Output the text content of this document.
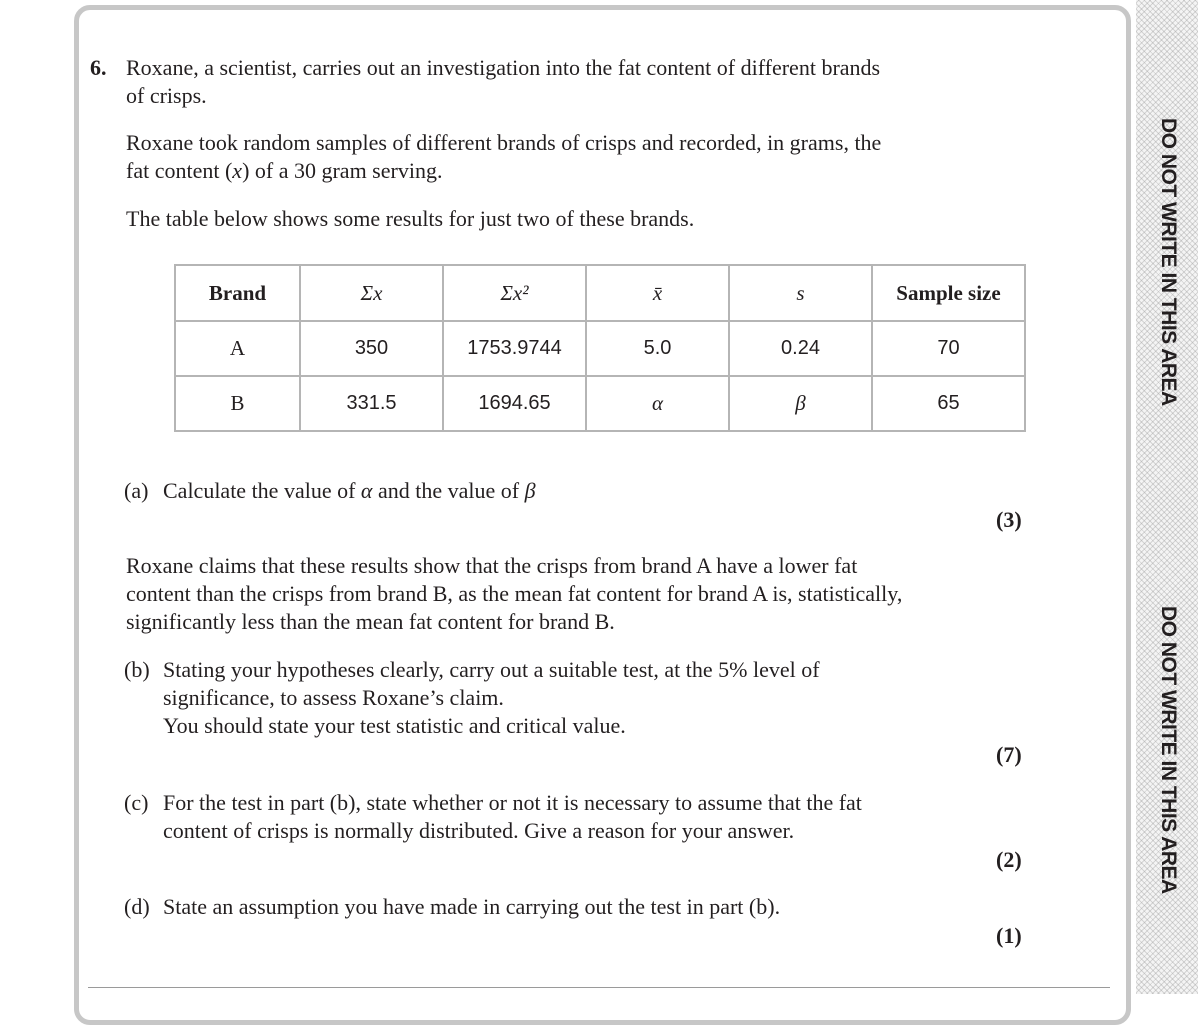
DO NOT WRITE IN THIS AREA
DO NOT WRITE IN THIS AREA
6. Roxane, a scientist, carries out an investigation into the fat content of different brands
of crisps.
Roxane took random samples of different brands of crisps and recorded, in grams, the
fat content (x) of a 30 gram serving.
The table below shows some results for just two of these brands.
Brand	Σx	Σx²	x̄	s	Sample size
A	350	1753.9744	5.0	0.24	70
B	331.5	1694.65	α	β	65
(a) Calculate the value of α and the value of β
(3)
Roxane claims that these results show that the crisps from brand A have a lower fat
content than the crisps from brand B, as the mean fat content for brand A is, statistically,
significantly less than the mean fat content for brand B.
(b) Stating your hypotheses clearly, carry out a suitable test, at the 5% level of
significance, to assess Roxane’s claim.
You should state your test statistic and critical value.
(7)
(c) For the test in part (b), state whether or not it is necessary to assume that the fat
content of crisps is normally distributed. Give a reason for your answer.
(2)
(d) State an assumption you have made in carrying out the test in part (b).
(1)
